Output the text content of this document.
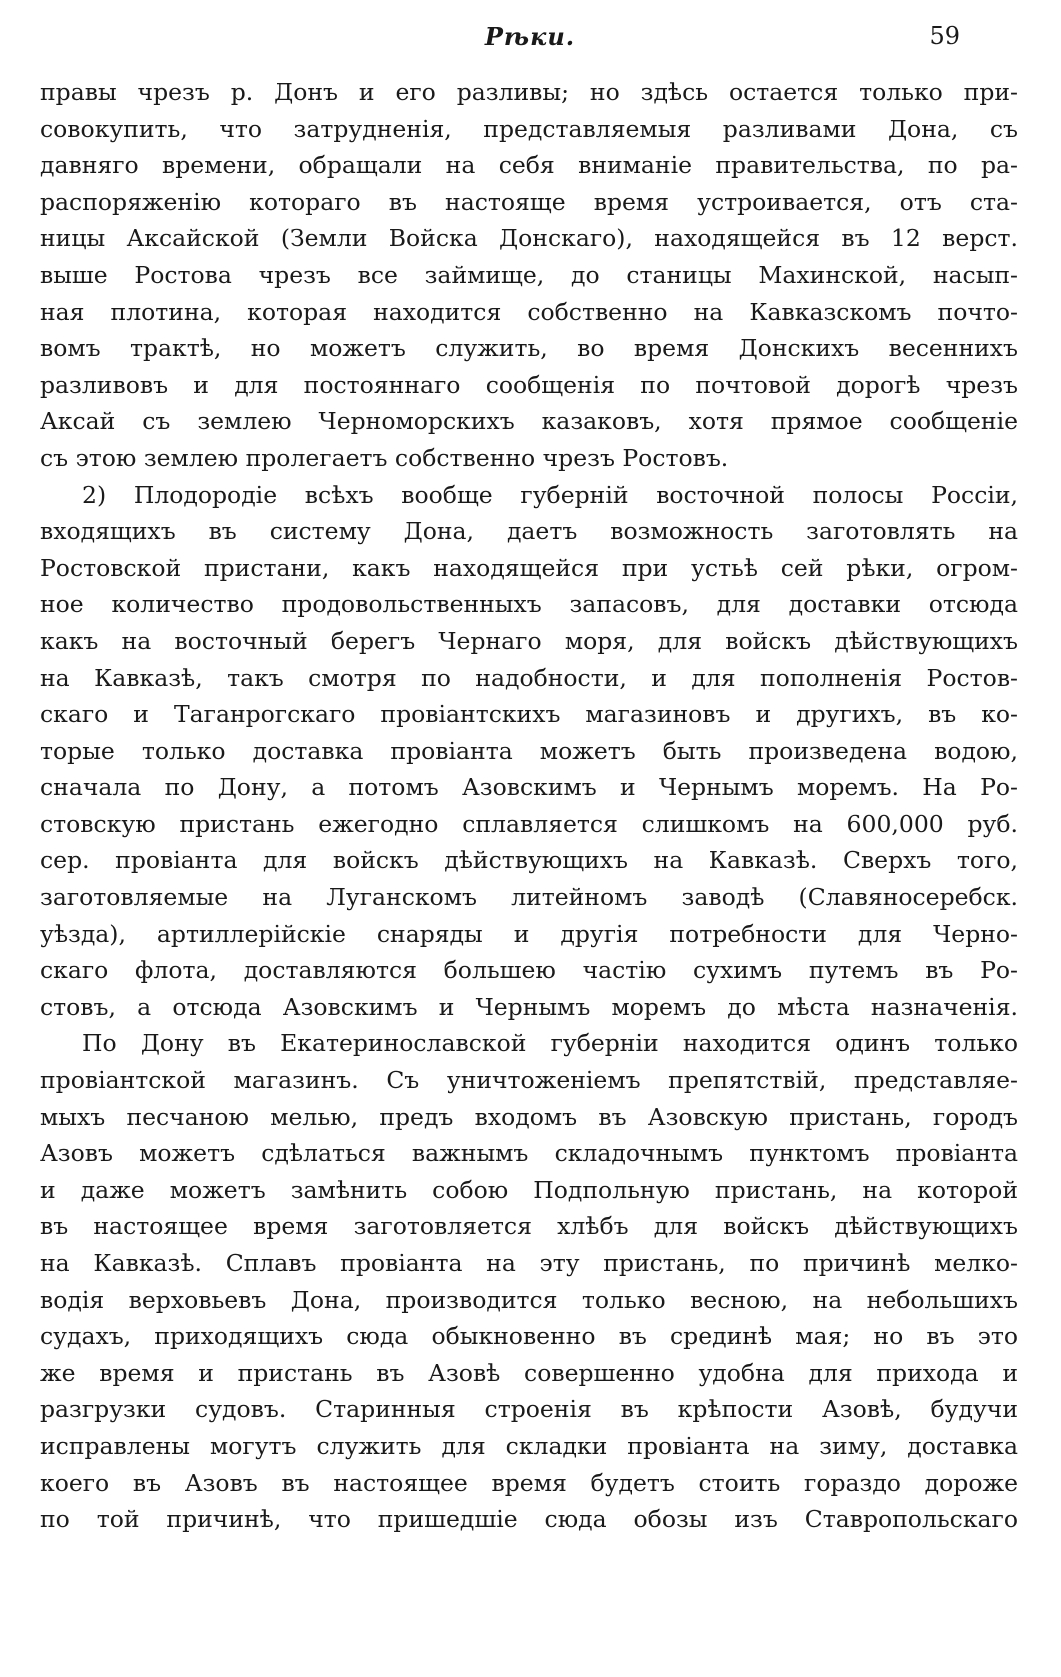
Рѣки.	59
правы чрезъ р. Донъ и его разливы; но здѣсь остается только при-
совокупить, что затрудненія, представляемыя разливами Дона, съ
давняго времени, обращали на себя вниманіе правительства, по ра-
распоряженію котораго въ настояще время устроивается, отъ ста-
ницы Аксайской (Земли Войска Донскаго), находящейся въ 12 верст.
выше Ростова чрезъ все займище, до станицы Махинской, насып-
ная плотина, которая находится собственно на Кавказскомъ почто-
вомъ трактѣ, но можетъ служить, во время Донскихъ весеннихъ
разливовъ и для постояннаго сообщенія по почтовой дорогѣ чрезъ
Аксай съ землею Черноморскихъ казаковъ, хотя прямое сообщеніе
съ этою землею пролегаетъ собственно чрезъ Ростовъ.
2) Плодородіе всѣхъ вообще губерній восточной полосы Россіи,
входящихъ въ систему Дона, даетъ возможность заготовлять на
Ростовской пристани, какъ находящейся при устьѣ сей рѣки, огром-
ное количество продовольственныхъ запасовъ, для доставки отсюда
какъ на восточный берегъ Чернаго моря, для войскъ дѣйствующихъ
на Кавказѣ, такъ смотря по надобности, и для пополненія Ростов-
скаго и Таганрогскаго провіантскихъ магазиновъ и другихъ, въ ко-
торые только доставка провіанта можетъ быть произведена водою,
сначала по Дону, а потомъ Азовскимъ и Чернымъ моремъ. На Ро-
стовскую пристань ежегодно сплавляется слишкомъ на 600,000 руб.
сер. провіанта для войскъ дѣйствующихъ на Кавказѣ. Сверхъ того,
заготовляемые на Луганскомъ литейномъ заводѣ (Славяносеребск.
уѣзда), артиллерійскіе снаряды и другія потребности для Черно-
скаго флота, доставляются большею частію сухимъ путемъ въ Ро-
стовъ, а отсюда Азовскимъ и Чернымъ моремъ до мѣста назначенія.
По Дону въ Екатеринославской губерніи находится одинъ только
провіантской магазинъ. Съ уничтоженіемъ препятствій, представляе-
мыхъ песчаною мелью, предъ входомъ въ Азовскую пристань, городъ
Азовъ можетъ сдѣлаться важнымъ складочнымъ пунктомъ провіанта
и даже можетъ замѣнить собою Подпольную пристань, на которой
въ настоящее время заготовляется хлѣбъ для войскъ дѣйствующихъ
на Кавказѣ. Сплавъ провіанта на эту пристань, по причинѣ мелко-
водія верховьевъ Дона, производится только весною, на небольшихъ
судахъ, приходящихъ сюда обыкновенно въ срединѣ мая; но въ это
же время и пристань въ Азовѣ совершенно удобна для прихода и
разгрузки судовъ. Старинныя строенія въ крѣпости Азовѣ, будучи
исправлены могутъ служить для складки провіанта на зиму, доставка
коего въ Азовъ въ настоящее время будетъ стоить гораздо дороже
по той причинѣ, что пришедшіе сюда обозы изъ Ставропольскаго
